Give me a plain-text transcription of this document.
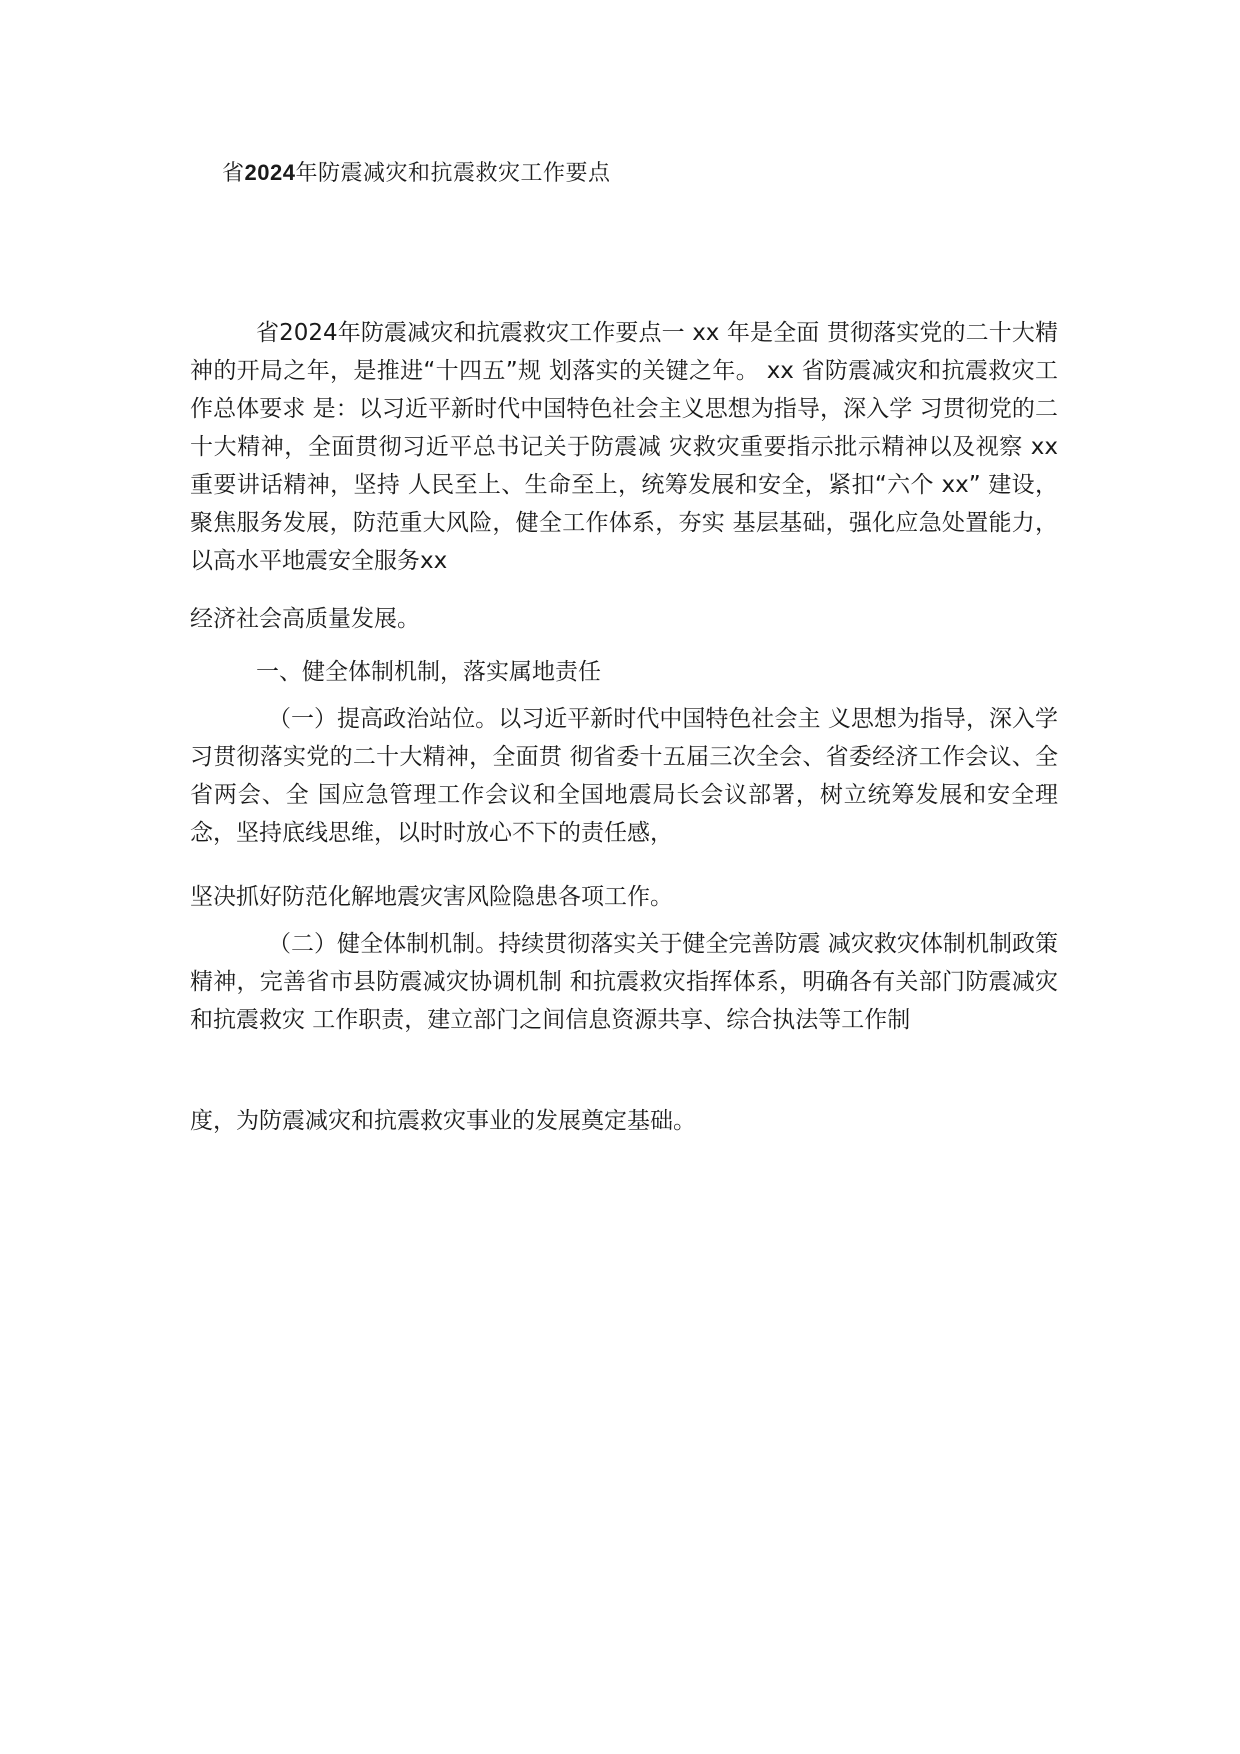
省2024年防震减灾和抗震救灾工作要点

省2024年防震减灾和抗震救灾工作要点一 xx 年是全面 贯彻落实党的二十大精神的开局之年，是推进“十四五”规 划落实的关键之年。 xx 省防震减灾和抗震救灾工作总体要求 是：以习近平新时代中国特色社会主义思想为指导，深入学 习贯彻党的二十大精神，全面贯彻习近平总书记关于防震减 灾救灾重要指示批示精神以及视察 xx 重要讲话精神，坚持 人民至上、生命至上，统筹发展和安全，紧扣“六个 xx” 建设，聚焦服务发展，防范重大风险，健全工作体系，夯实 基层基础，强化应急处置能力，以高水平地震安全服务xx

经济社会高质量发展。

一、健全体制机制，落实属地责任

（一）提高政治站位。以习近平新时代中国特色社会主 义思想为指导，深入学习贯彻落实党的二十大精神，全面贯 彻省委十五届三次全会、省委经济工作会议、全省两会、全 国应急管理工作会议和全国地震局长会议部署，树立统筹发展和安全理念，坚持底线思维，以时时放心不下的责任感，

坚决抓好防范化解地震灾害风险隐患各项工作。

（二）健全体制机制。持续贯彻落实关于健全完善防震 减灾救灾体制机制政策精神，完善省市县防震减灾协调机制 和抗震救灾指挥体系，明确各有关部门防震减灾和抗震救灾 工作职责，建立部门之间信息资源共享、综合执法等工作制

度，为防震减灾和抗震救灾事业的发展奠定基础。
